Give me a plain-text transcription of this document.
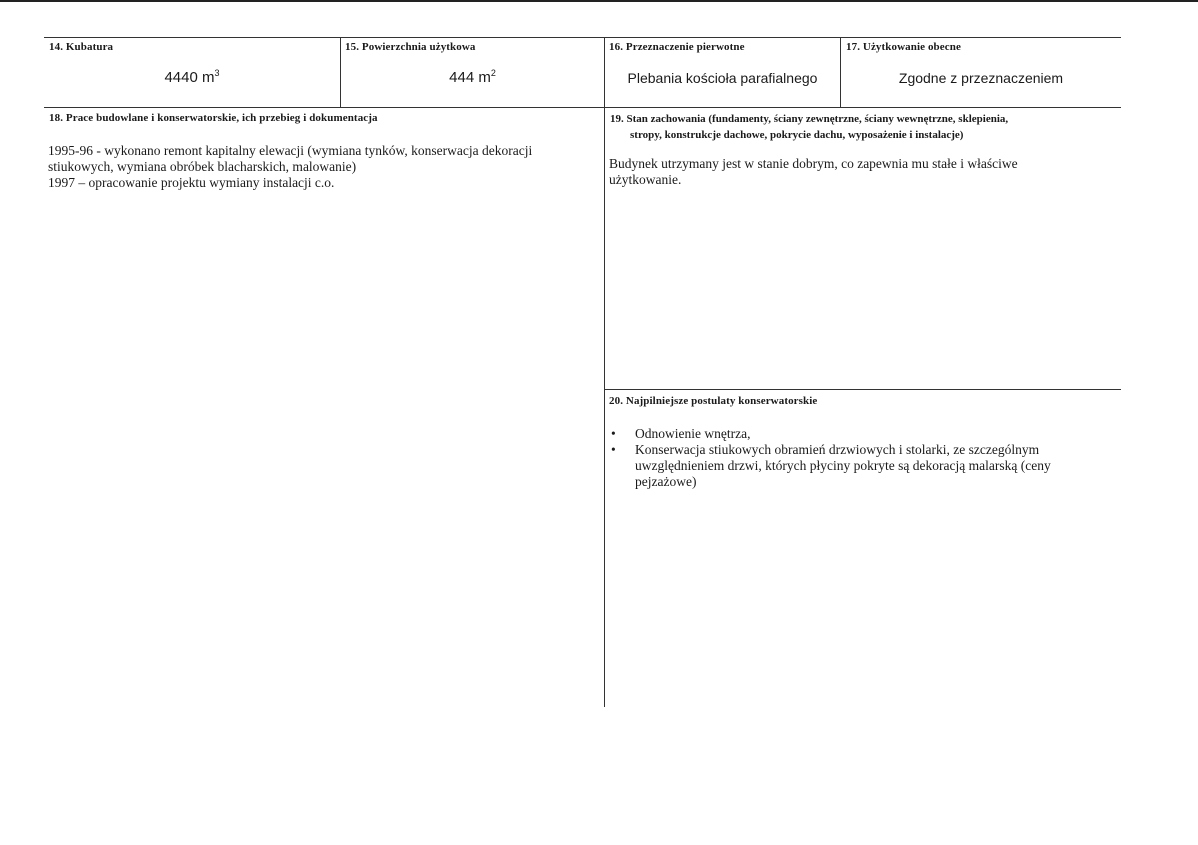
14. Kubatura
4440 $m^3$
15. Powierzchnia użytkowa
444 $m^2$
16. Przeznaczenie pierwotne
Plebania kościoła parafialnego
17. Użytkowanie obecne
Zgodne z przeznaczeniem
18. Prace budowlane i konserwatorskie, ich przebieg i dokumentacja
1995-96 - wykonano remont kapitalny elewacji (wymiana tynków, konserwacja dekoracji
stiukowych, wymiana obróbek blacharskich, malowanie)
1997 – opracowanie projektu wymiany instalacji c.o.
19. Stan zachowania (fundamenty, ściany zewnętrzne, ściany wewnętrzne, sklepienia,
stropy, konstrukcje dachowe, pokrycie dachu, wyposażenie i instalacje)
Budynek utrzymany jest w stanie dobrym, co zapewnia mu stałe i właściwe
użytkowanie.
20. Najpilniejsze postulaty konserwatorskie
• Odnowienie wnętrza,
• Konserwacja stiukowych obramień drzwiowych i stolarki, ze szczególnym
uwzględnieniem drzwi, których płyciny pokryte są dekoracją malarską (ceny
pejzażowe)
